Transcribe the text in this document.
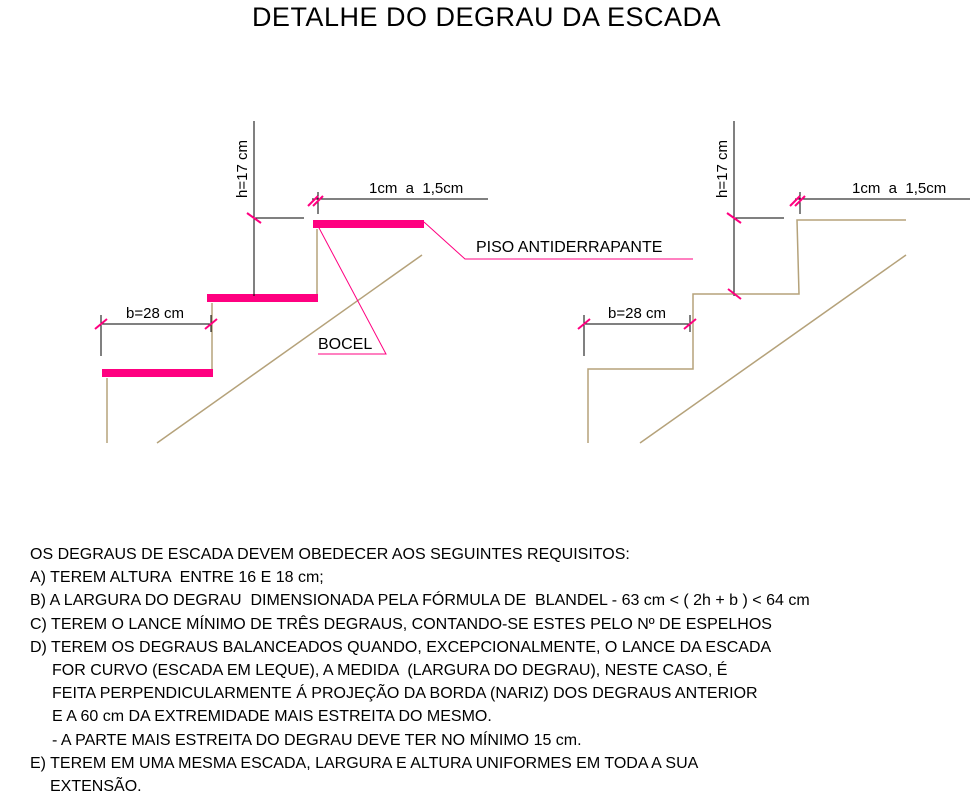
DETALHE DO DEGRAU DA ESCADA
h=17 cm	1cm  a  1,5cm
b=28 cm
PISO ANTIDERRAPANTE
BOCEL
h=17 cm	1cm  a  1,5cm
b=28 cm
OS DEGRAUS DE ESCADA DEVEM OBEDECER AOS SEGUINTES REQUISITOS:
A) TEREM ALTURA  ENTRE 16 E 18 cm;
B) A LARGURA DO DEGRAU  DIMENSIONADA PELA FÓRMULA DE  BLANDEL - 63 cm < ( 2h + b ) < 64 cm
C) TEREM O LANCE MÍNIMO DE TRÊS DEGRAUS, CONTANDO-SE ESTES PELO Nº DE ESPELHOS
D) TEREM OS DEGRAUS BALANCEADOS QUANDO, EXCEPCIONALMENTE, O LANCE DA ESCADA
FOR CURVO (ESCADA EM LEQUE), A MEDIDA  (LARGURA DO DEGRAU), NESTE CASO, É
FEITA PERPENDICULARMENTE Á PROJEÇÃO DA BORDA (NARIZ) DOS DEGRAUS ANTERIOR
E A 60 cm DA EXTREMIDADE MAIS ESTREITA DO MESMO.
- A PARTE MAIS ESTREITA DO DEGRAU DEVE TER NO MÍNIMO 15 cm.
E) TEREM EM UMA MESMA ESCADA, LARGURA E ALTURA UNIFORMES EM TODA A SUA
EXTENSÃO.
